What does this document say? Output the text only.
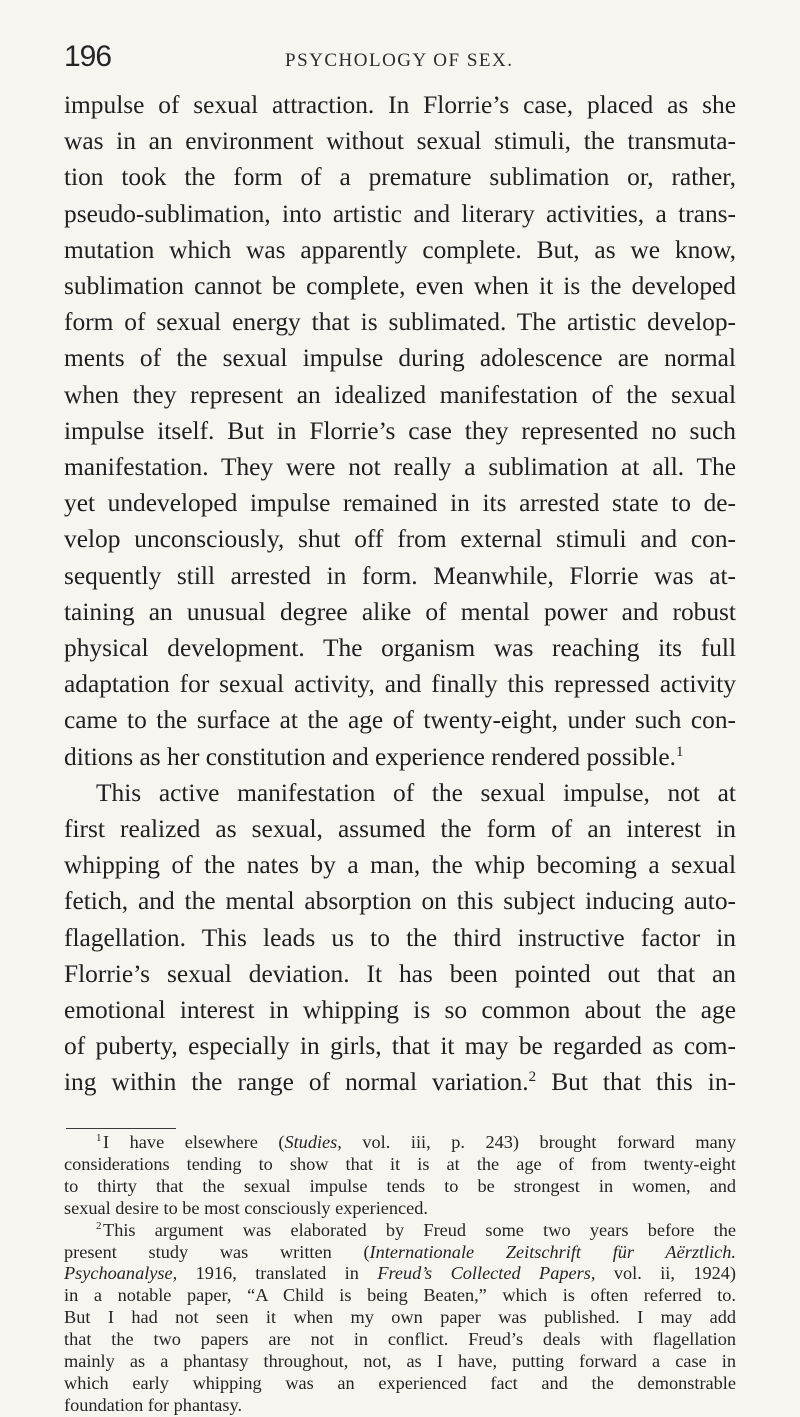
196	PSYCHOLOGY OF SEX.

impulse of sexual attraction. In Florrie’s case, placed as she

was in an environment without sexual stimuli, the transmuta-

tion took the form of a premature sublimation or, rather,

pseudo-sublimation, into artistic and literary activities, a trans-

mutation which was apparently complete. But, as we know,

sublimation cannot be complete, even when it is the developed

form of sexual energy that is sublimated. The artistic develop-

ments of the sexual impulse during adolescence are normal

when they represent an idealized manifestation of the sexual

impulse itself. But in Florrie’s case they represented no such

manifestation. They were not really a sublimation at all. The

yet undeveloped impulse remained in its arrested state to de-

velop unconsciously, shut off from external stimuli and con-

sequently still arrested in form. Meanwhile, Florrie was at-

taining an unusual degree alike of mental power and robust

physical development. The organism was reaching its full

adaptation for sexual activity, and finally this repressed activity

came to the surface at the age of twenty-eight, under such con-

ditions as her constitution and experience rendered possible.$^1$

This active manifestation of the sexual impulse, not at

first realized as sexual, assumed the form of an interest in

whipping of the nates by a man, the whip becoming a sexual

fetich, and the mental absorption on this subject inducing auto-

flagellation. This leads us to the third instructive factor in

Florrie’s sexual deviation. It has been pointed out that an

emotional interest in whipping is so common about the age

of puberty, especially in girls, that it may be regarded as com-

ing within the range of normal variation.$^2$ But that this in-

$^1$ I have elsewhere (Studies, vol. iii, p. 243) brought forward many

considerations tending to show that it is at the age of from twenty-eight

to thirty that the sexual impulse tends to be strongest in women, and

sexual desire to be most consciously experienced.

$^2$ This argument was elaborated by Freud some two years before the

present study was written (Internationale Zeitschrift für Aërztlich.

Psychoanalyse, 1916, translated in Freud’s Collected Papers, vol. ii, 1924)

in a notable paper, “A Child is being Beaten,” which is often referred to.

But I had not seen it when my own paper was published. I may add

that the two papers are not in conflict. Freud’s deals with flagellation

mainly as a phantasy throughout, not, as I have, putting forward a case in

which early whipping was an experienced fact and the demonstrable

foundation for phantasy.
